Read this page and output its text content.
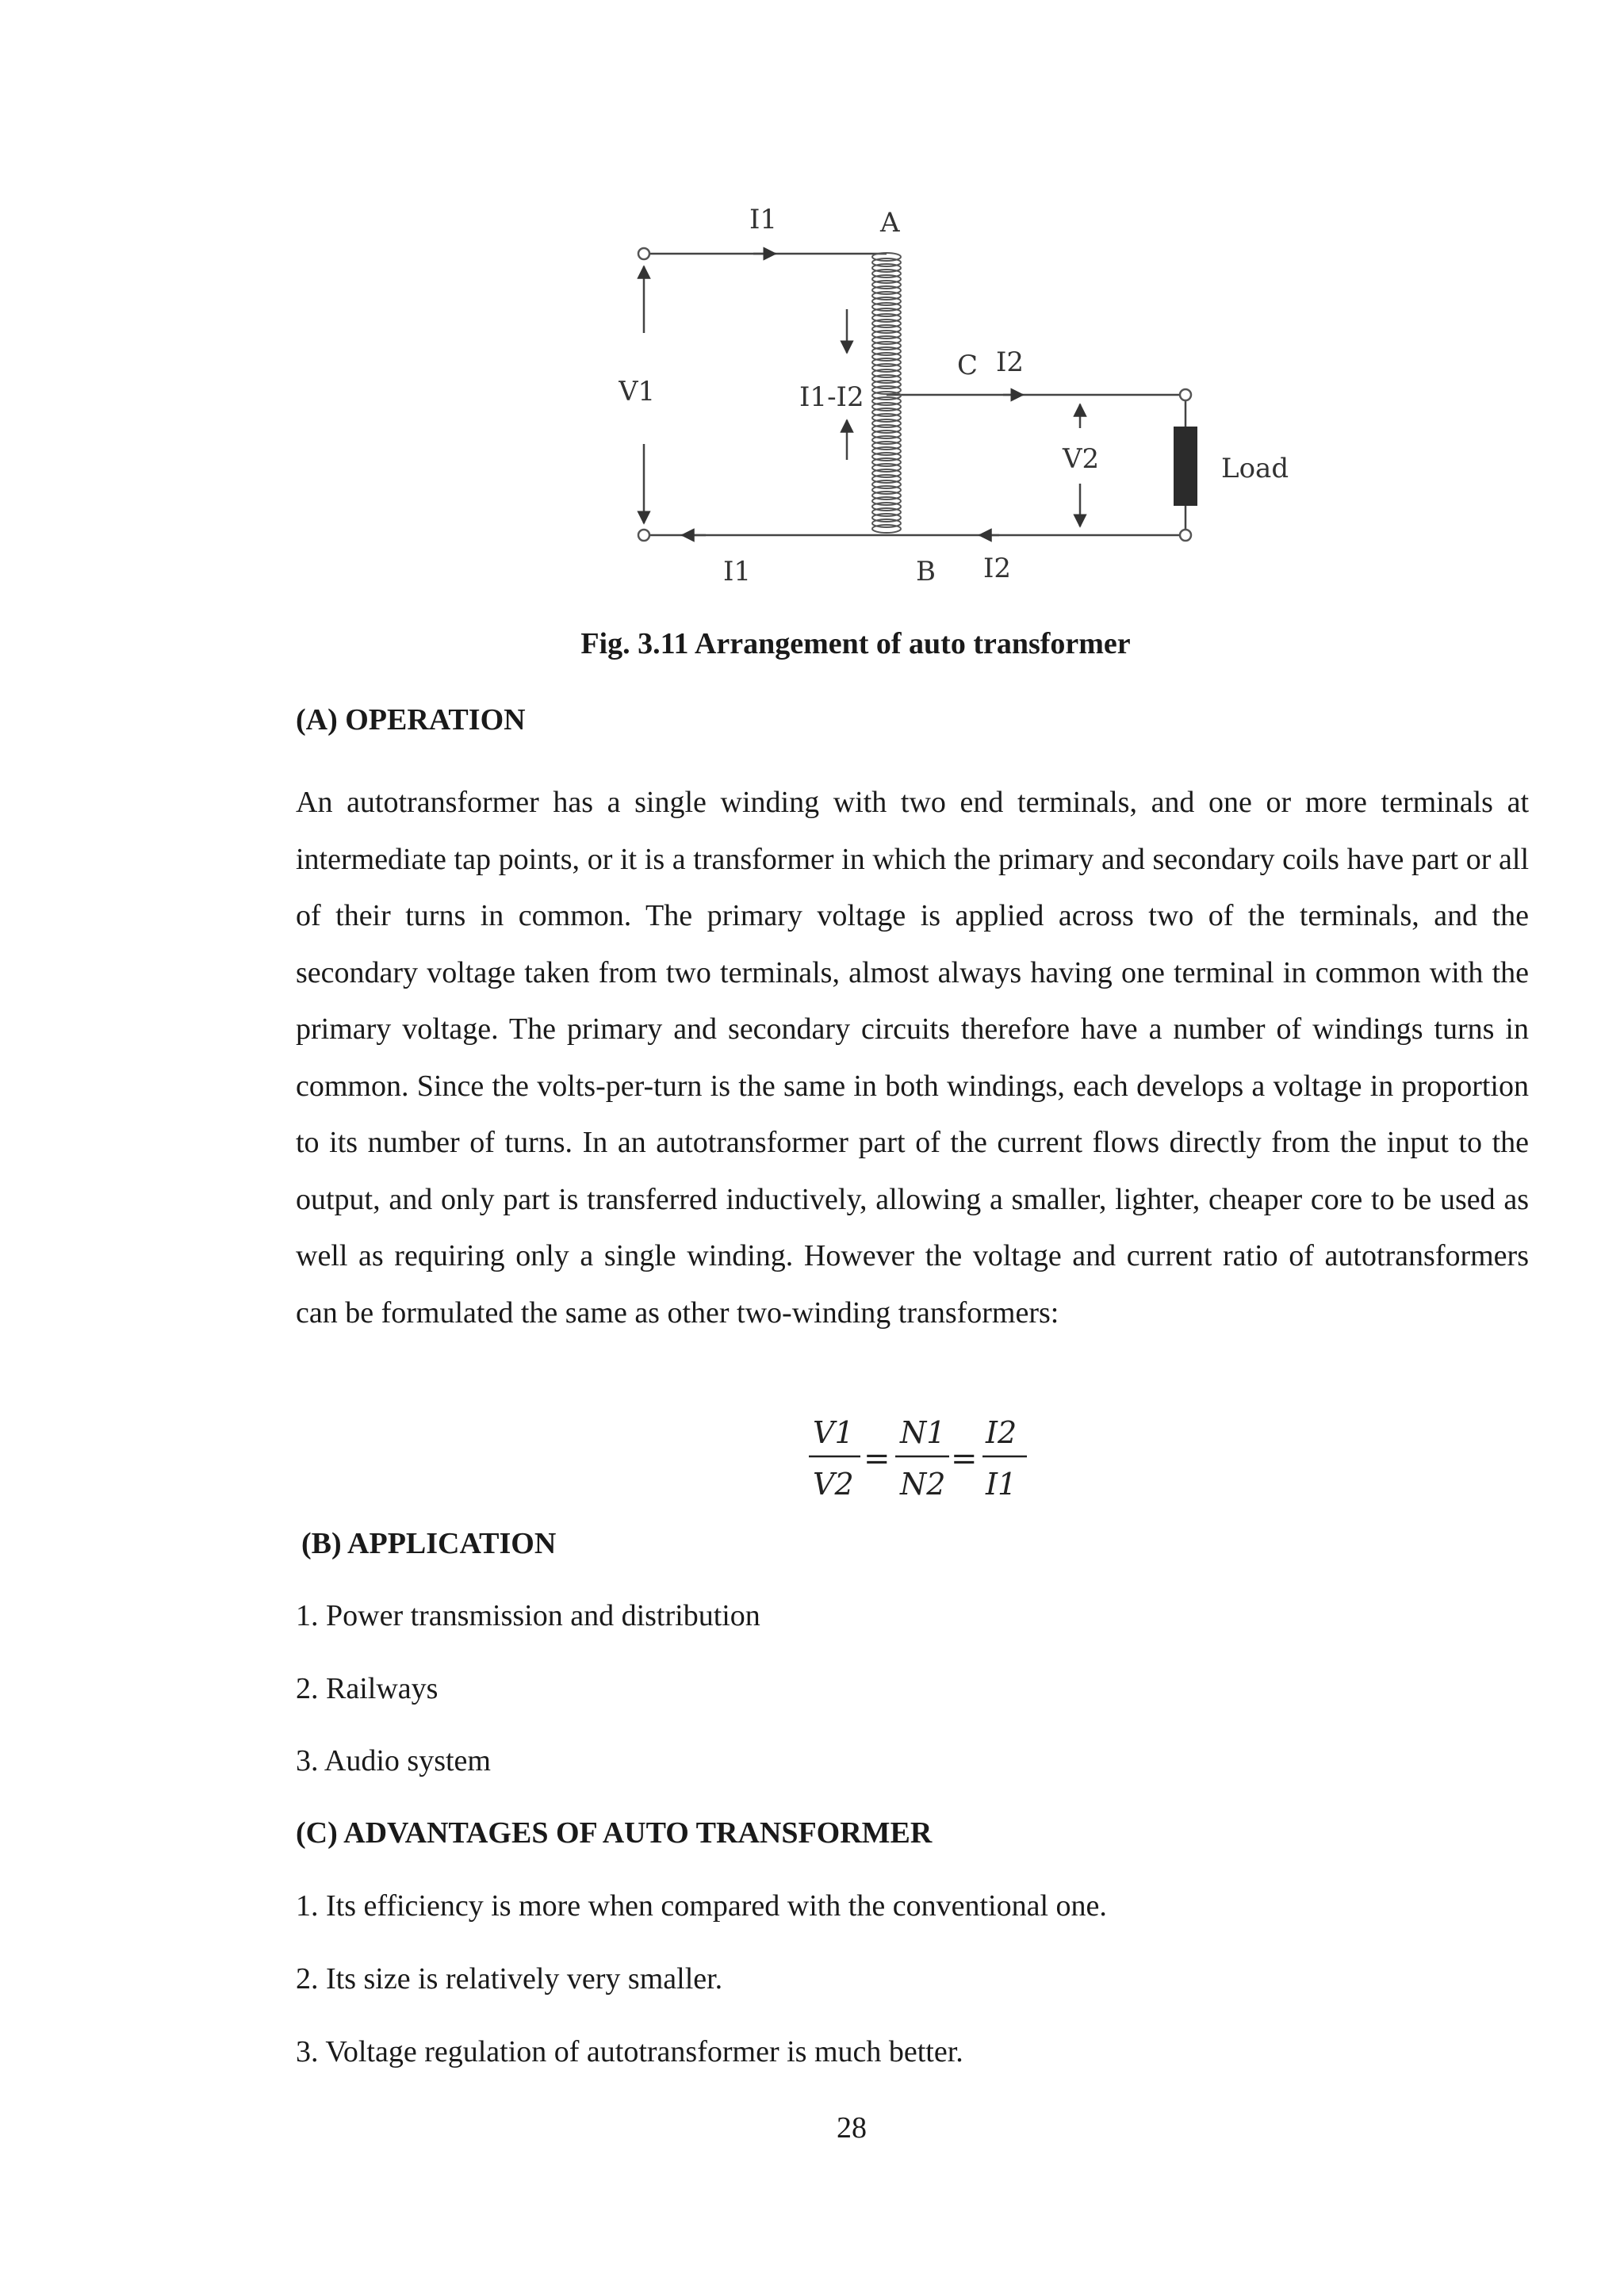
I1	A
V1	I1-I2
C I2
V2	Load
I1	B I2
Fig. 3.11 Arrangement of auto transformer
(A) OPERATION

An autotransformer has a single winding with two end terminals, and one or more terminals at intermediate tap points, or it is a transformer in which the primary and secondary coils have part or all of their turns in common. The primary voltage is applied across two of the terminals, and the secondary voltage taken from two terminals, almost always having one terminal in common with the primary voltage. The primary and secondary circuits therefore have a number of windings turns in common. Since the volts-per-turn is the same in both windings, each develops a voltage in proportion to its number of turns. In an autotransformer part of the current flows directly from the input to the output, and only part is transferred inductively, allowing a smaller, lighter, cheaper core to be used as well as requiring only a single winding. However the voltage and current ratio of autotransformers can be formulated the same as other two-winding transformers:

V1
V2
N1
N2
I2
I1
= =
(B) APPLICATION
1. Power transmission and distribution
2. Railways
3. Audio system
(C) ADVANTAGES OF AUTO TRANSFORMER
1. Its efficiency is more when compared with the conventional one.
2. Its size is relatively very smaller.
3. Voltage regulation of autotransformer is much better.
28
